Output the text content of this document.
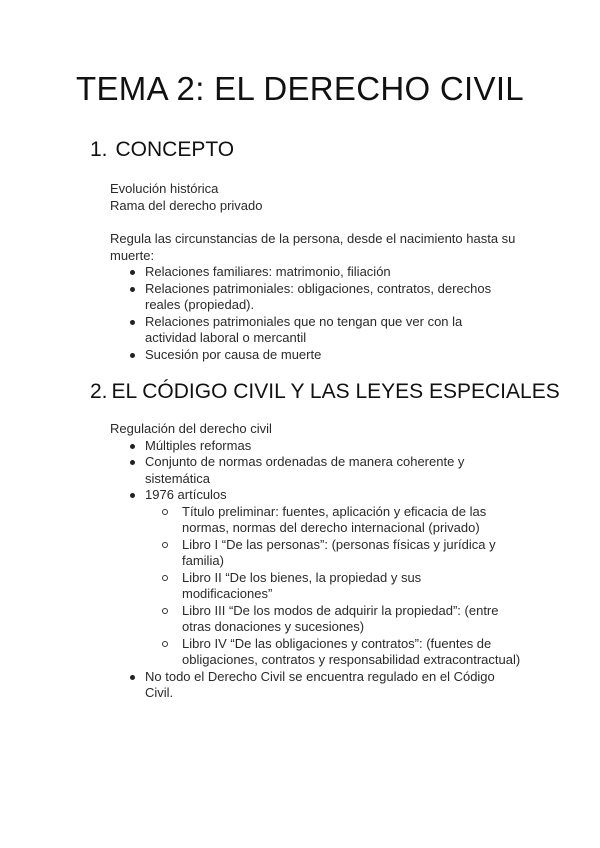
TEMA 2: EL DERECHO CIVIL
1. CONCEPTO
Evolución histórica
Rama del derecho privado
Regula las circunstancias de la persona, desde el nacimiento hasta su muerte:
Relaciones familiares: matrimonio, filiación
Relaciones patrimoniales: obligaciones, contratos, derechos reales (propiedad).
Relaciones patrimoniales que no tengan que ver con la actividad laboral o mercantil
Sucesión por causa de muerte
2. EL CÓDIGO CIVIL Y LAS LEYES ESPECIALES
Regulación del derecho civil
Múltiples reformas
Conjunto de normas ordenadas de manera coherente y sistemática
1976 artículos
Título preliminar: fuentes, aplicación y eficacia de las normas, normas del derecho internacional (privado)
Libro I “De las personas”: (personas físicas y jurídica y familia)
Libro II “De los bienes, la propiedad y sus modificaciones”
Libro III “De los modos de adquirir la propiedad”: (entre otras donaciones y sucesiones)
Libro IV “De las obligaciones y contratos”: (fuentes de obligaciones, contratos y responsabilidad extracontractual)
No todo el Derecho Civil se encuentra regulado en el Código Civil.
